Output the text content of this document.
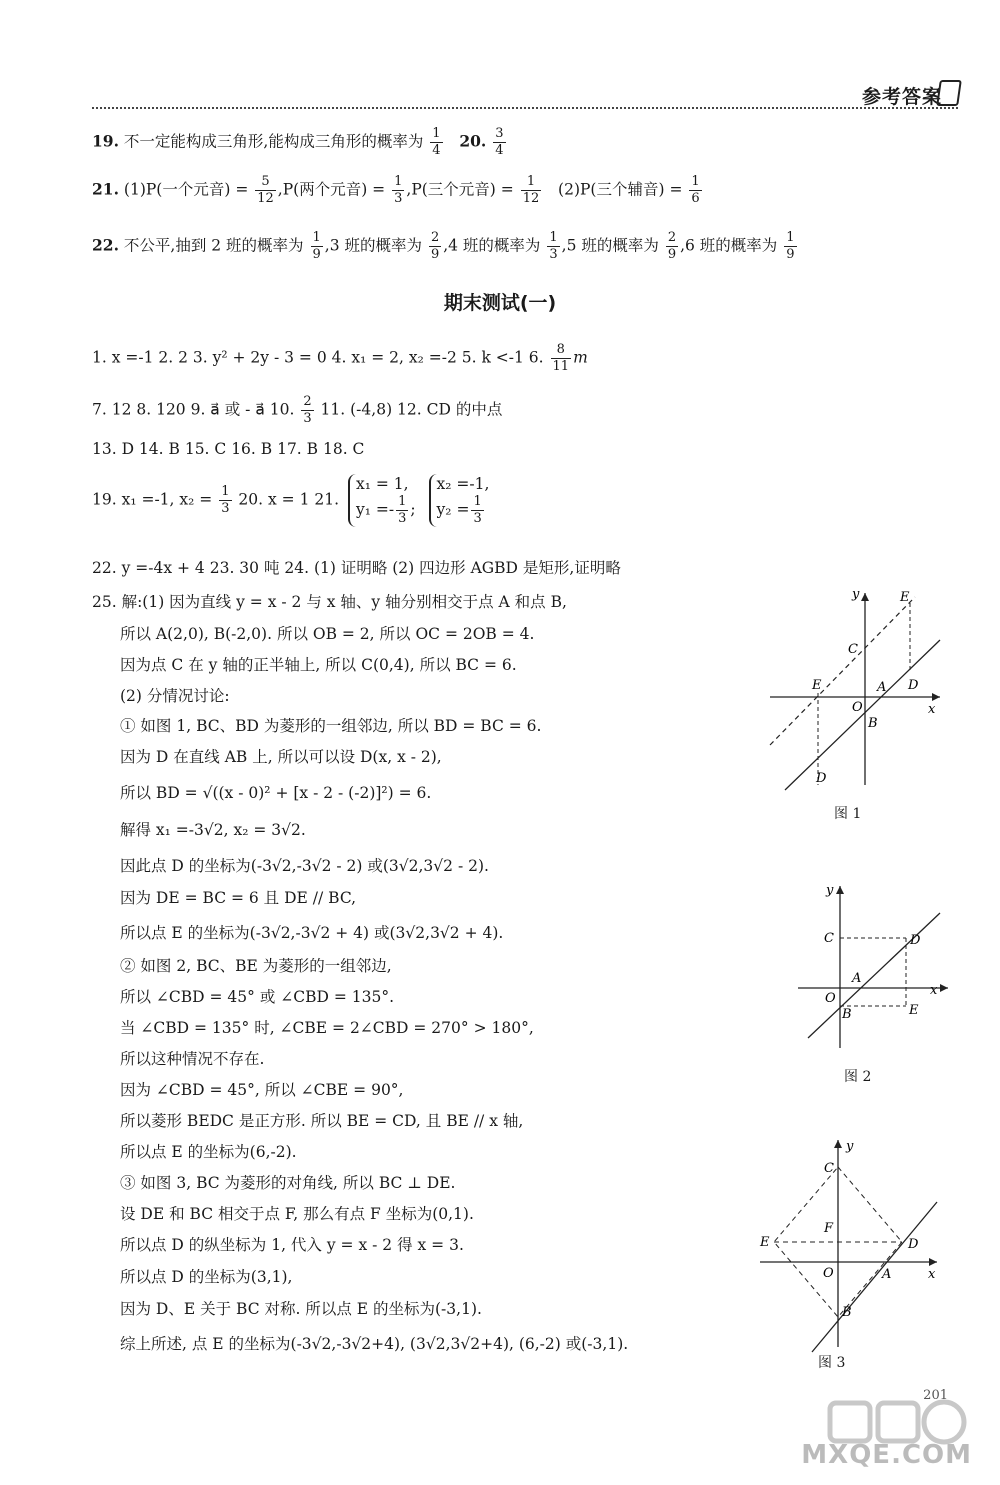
参考答案
19. 不一定能构成三角形,能构成三角形的概率为 $\frac{1}{4} 20$. $\frac{3}{4}$
21. (1)P(一个元音) = $\frac{5}{12} ,P$(两个元音) = $\frac{1}{3} ,P$(三个元音) = $\frac{1}{12} (2)P$(三个辅音) = $\frac{1}{6}$
22. 不公平,抽到 2 班的概率为 $\frac{1}{9} ,3$ 班的概率为 $\frac{2}{9} ,4$ 班的概率为 $\frac{1}{3} ,5$ 班的概率为 $\frac{2}{9} ,6$ 班的概率为 $\frac{1}{9}$
期末测试(一)
1. x =-1 2. 2 3. y² + 2y - 3 = 0 4. x₁ = 2, x₂ =-2 5. k <-1 6. $\frac{8}{11}$ m
7. 12 8. 120 9. a⃗ 或 - a⃗ 10. $\frac{2}{3} 11$. (-4,8) 12. CD 的中点
13. D 14. B 15. C 16. B 17. B 18. C
19. x₁ =-1, $x_2 = \frac{1}{3} 20$. x = 1 21.
x₁ = 1,
$y_1 =- \frac{1}{3}$ ;

x₂ =-1,
$y_2 = \frac{1}{3}$
22. y =-4x + 4 23. 30 吨 24. (1) 证明略 (2) 四边形 AGBD 是矩形,证明略
25. 解:(1) 因为直线 y = x - 2 与 x 轴、y 轴分别相交于点 A 和点 B,
所以 A(2,0), B(-2,0). 所以 OB = 2, 所以 OC = 2OB = 4.
因为点 C 在 y 轴的正半轴上, 所以 C(0,4), 所以 BC = 6.
(2) 分情况讨论:
① 如图 1, BC、BD 为菱形的一组邻边, 所以 BD = BC = 6.
因为 D 在直线 AB 上, 所以可以设 D(x, x - 2),
所以 BD = √((x - 0)² + [x - 2 - (-2)]²) = 6.
解得 x₁ =-3√2, x₂ = 3√2.
因此点 D 的坐标为(-3√2,-3√2 - 2) 或(3√2,3√2 - 2).
因为 DE = BC = 6 且 DE // BC,
所以点 E 的坐标为(-3√2,-3√2 + 4) 或(3√2,3√2 + 4).
② 如图 2, BC、BE 为菱形的一组邻边,
所以 ∠CBD = 45° 或 ∠CBD = 135°.
当 ∠CBD = 135° 时, ∠CBE = 2∠CBD = 270° > 180°,
所以这种情况不存在.
因为 ∠CBD = 45°, 所以 ∠CBE = 90°,
所以菱形 BEDC 是正方形. 所以 BE = CD, 且 BE // x 轴,
所以点 E 的坐标为(6,-2).
③ 如图 3, BC 为菱形的对角线, 所以 BC ⊥ DE.
设 DE 和 BC 相交于点 F, 那么有点 F 坐标为(0,1).
所以点 D 的纵坐标为 1, 代入 y = x - 2 得 x = 3.
所以点 D 的坐标为(3,1),
因为 D、E 关于 BC 对称. 所以点 E 的坐标为(-3,1).
综上所述, 点 E 的坐标为(-3√2,-3√2+4), (3√2,3√2+4), (6,-2) 或(-3,1).
y
x
O
A
B
C
D
D
E
E
图 1
y
x
O
A
B
C	D
E
图 2
y
x
O	A
B
C
D
E
F
图 3
201
MXQE.COM
